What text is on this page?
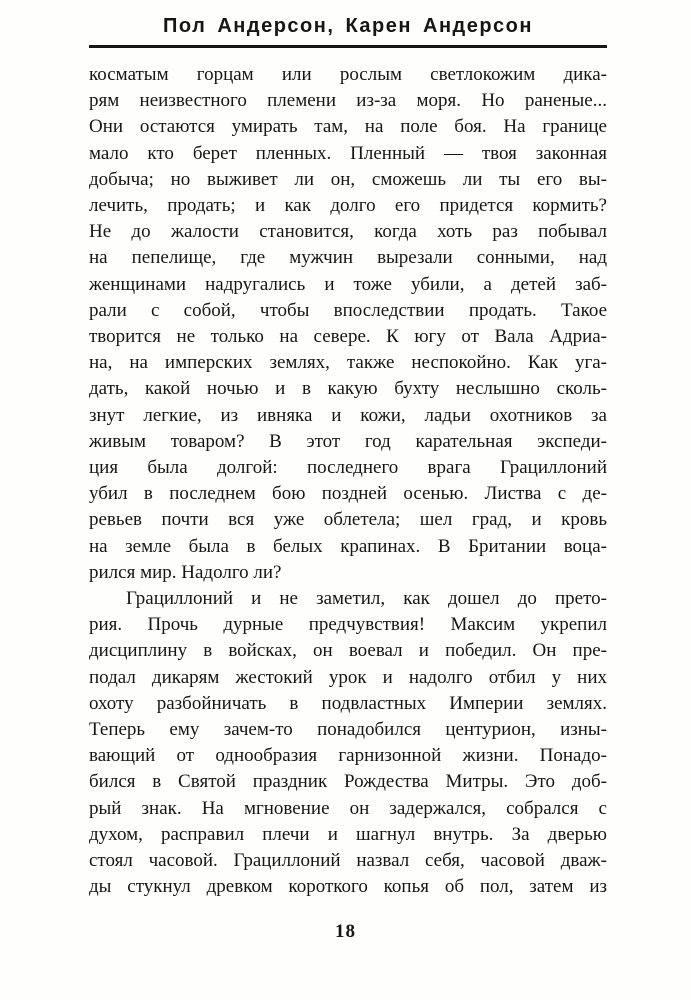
Пол Андерсон, Карен Андерсон
косматым горцам или рослым светлокожим дика-
рям неизвестного племени из-за моря. Но раненые...
Они остаются умирать там, на поле боя. На границе
мало кто берет пленных. Пленный — твоя законная
добыча; но выживет ли он, сможешь ли ты его вы-
лечить, продать; и как долго его придется кормить?
Не до жалости становится, когда хоть раз побывал
на пепелище, где мужчин вырезали сонными, над
женщинами надругались и тоже убили, а детей заб-
рали с собой, чтобы впоследствии продать. Такое
творится не только на севере. К югу от Вала Адриа-
на, на имперских землях, также неспокойно. Как уга-
дать, какой ночью и в какую бухту неслышно сколь-
знут легкие, из ивняка и кожи, ладьи охотников за
живым товаром? В этот год карательная экспеди-
ция была долгой: последнего врага Грациллоний
убил в последнем бою поздней осенью. Листва с де-
ревьев почти вся уже облетела; шел град, и кровь
на земле была в белых крапинах. В Британии воца-
рился мир. Надолго ли?
Грациллоний и не заметил, как дошел до прето-
рия. Прочь дурные предчувствия! Максим укрепил
дисциплину в войсках, он воевал и победил. Он пре-
подал дикарям жестокий урок и надолго отбил у них
охоту разбойничать в подвластных Империи землях.
Теперь ему зачем-то понадобился центурион, изны-
вающий от однообразия гарнизонной жизни. Понадо-
бился в Святой праздник Рождества Митры. Это доб-
рый знак. На мгновение он задержался, собрался с
духом, расправил плечи и шагнул внутрь. За дверью
стоял часовой. Грациллоний назвал себя, часовой дваж-
ды стукнул древком короткого копья об пол, затем из
18
